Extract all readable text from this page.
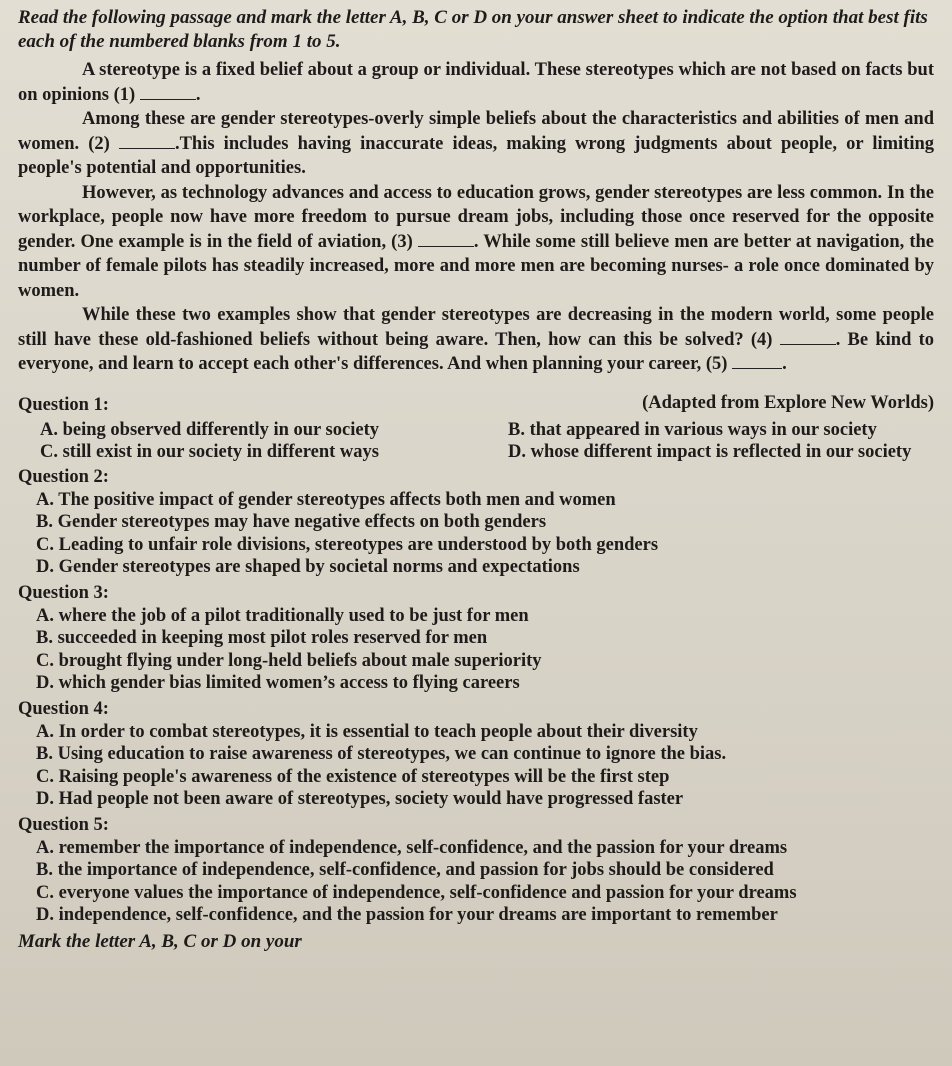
Read the following passage and mark the letter A, B, C or D on your answer sheet to indicate the option that best fits each of the numbered blanks from 1 to 5.

A stereotype is a fixed belief about a group or individual. These stereotypes which are not based on facts but on opinions (1)	.

Among these are gender stereotypes-overly simple beliefs about the characteristics and abilities of men and women. (2)	.This includes having inaccurate ideas, making wrong judgments about people, or limiting people's potential and opportunities.

However, as technology advances and access to education grows, gender stereotypes are less common. In the workplace, people now have more freedom to pursue dream jobs, including those once reserved for the opposite gender. One example is in the field of aviation, (3)	. While some still believe men are better at navigation, the number of female pilots has steadily increased, more and more men are becoming nurses- a role once dominated by women.

While these two examples show that gender stereotypes are decreasing in the modern world, some people still have these old-fashioned beliefs without being aware. Then, how can this be solved? (4)	. Be kind to everyone, and learn to accept each other's differences. And when planning your career, (5)	.

Question 1:	(Adapted from Explore New Worlds)
A. being observed differently in our society	B. that appeared in various ways in our society
C. still exist in our society in different ways	D. whose different impact is reflected in our society
Question 2:
A. The positive impact of gender stereotypes affects both men and women
B. Gender stereotypes may have negative effects on both genders
C. Leading to unfair role divisions, stereotypes are understood by both genders
D. Gender stereotypes are shaped by societal norms and expectations
Question 3:
A. where the job of a pilot traditionally used to be just for men
B. succeeded in keeping most pilot roles reserved for men
C. brought flying under long-held beliefs about male superiority
D. which gender bias limited women’s access to flying careers
Question 4:
A. In order to combat stereotypes, it is essential to teach people about their diversity
B. Using education to raise awareness of stereotypes, we can continue to ignore the bias.
C. Raising people's awareness of the existence of stereotypes will be the first step
D. Had people not been aware of stereotypes, society would have progressed faster
Question 5:
A. remember the importance of independence, self-confidence, and the passion for your dreams
B. the importance of independence, self-confidence, and passion for jobs should be considered
C. everyone values the importance of independence, self-confidence and passion for your dreams
D. independence, self-confidence, and the passion for your dreams are important to remember
Mark the letter A, B, C or D on your
